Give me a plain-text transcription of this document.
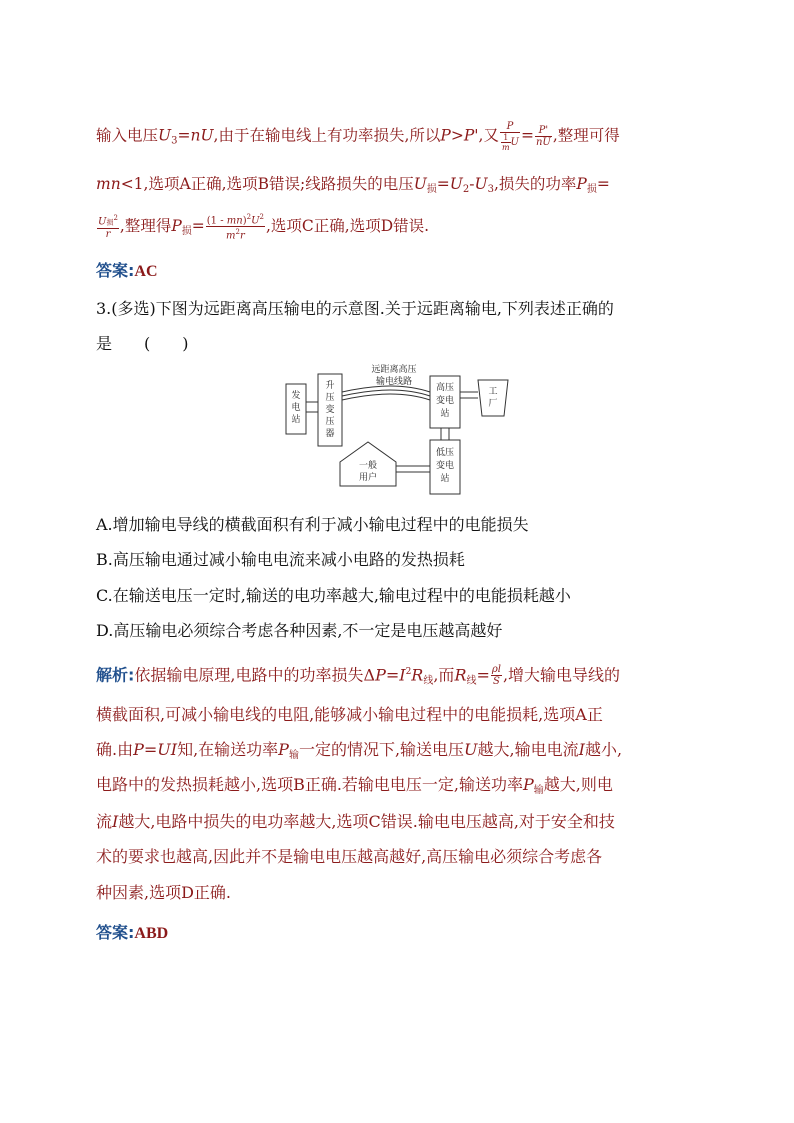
输入电压$U_3=nU$,由于在输电线上有功率损失,所以P>P',又 $\frac{P}{\frac{1}{m} U} = \frac{P'}{nU}$ ,整理可得
mn<1,选项A正确,选项B错误;线路损失的电压$U_损=U_2-U_3$,损失的功率$P_损=$
$\frac{U损^2}{r}$ ,整理得$P_损= \frac{(1 - mn)^2U^2}{m^2r}$ ,选项C正确,选项D错误.
答案:AC
3.(多选)下图为远距离高压输电的示意图.关于远距离输电,下列表述正确的
是　　(　　)
发
电
站
升
压
变
压
器
远距离高压
输电线路
高压
变电
站
工
厂
低压
变电
站
一般
用户
A.增加输电导线的横截面积有利于减小输电过程中的电能损失
B.高压输电通过减小输电电流来减小电路的发热损耗
C.在输送电压一定时,输送的电功率越大,输电过程中的电能损耗越小
D.高压输电必须综合考虑各种因素,不一定是电压越高越好
解析:依据输电原理,电路中的功率损失$\Delta P=I^2R_线$,而$R_线= \frac{\rho l}{S}$ ,增大输电导线的
横截面积,可减小输电线的电阻,能够减小输电过程中的电能损耗,选项A正
确.由P=UI知,在输送功率$P_输$一定的情况下,输送电压U越大,输电电流I越小,
电路中的发热损耗越小,选项B正确.若输电电压一定,输送功率$P_输$越大,则电
流I越大,电路中损失的电功率越大,选项C错误.输电电压越高,对于安全和技
术的要求也越高,因此并不是输电电压越高越好,高压输电必须综合考虑各
种因素,选项D正确.
答案:ABD
